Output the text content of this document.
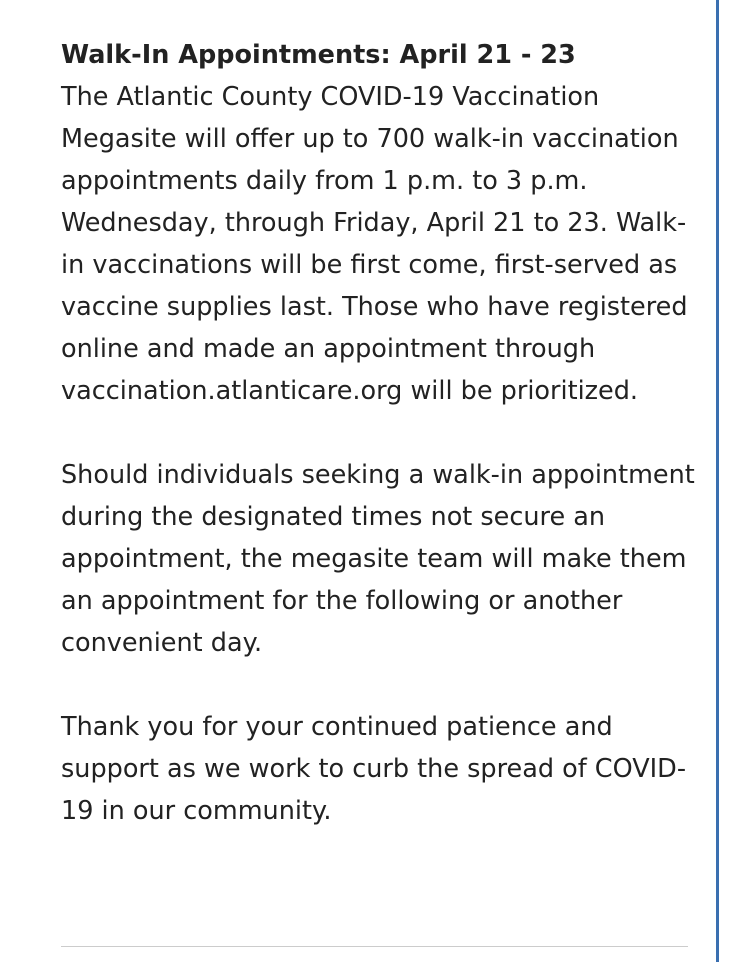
Walk-In Appointments: April 21 - 23

The Atlantic County COVID-19 Vaccination Megasite will offer up to 700 walk-in vaccination appointments daily from 1 p.m. to 3 p.m. Wednesday, through Friday, April 21 to 23. Walk-in vaccinations will be first come, first-served as vaccine supplies last. Those who have registered online and made an appointment through vaccination.atlanticare.org will be prioritized.

Should individuals seeking a walk-in appointment during the designated times not secure an appointment, the megasite team will make them an appointment for the following or another convenient day.

Thank you for your continued patience and support as we work to curb the spread of COVID-19 in our community.
